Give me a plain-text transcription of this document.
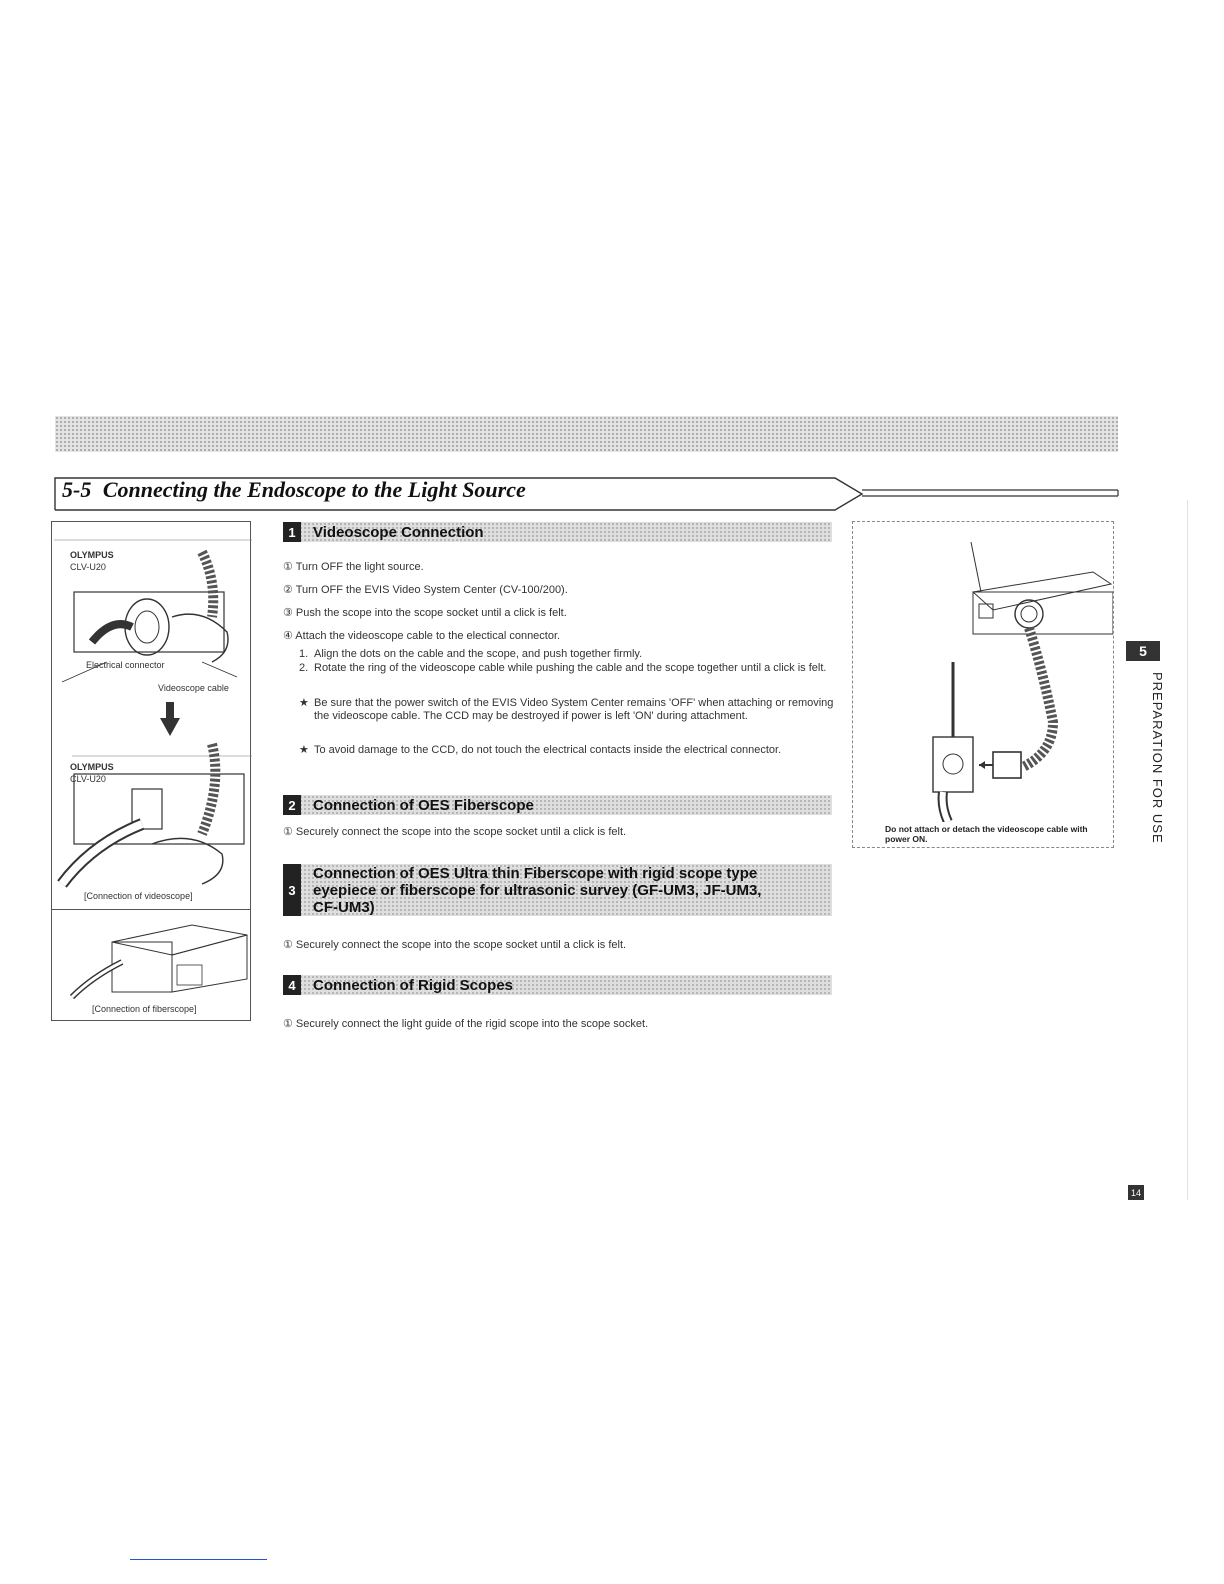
5-5 Connecting the Endoscope to the Light Source
OLYMPUS
CLV-U20
Electrical connector
Videoscope cable
OLYMPUS
CLV-U20
[Connection of videoscope]
[Connection of fiberscope]
1	Videoscope Connection
① Turn OFF the light source.
② Turn OFF the EVIS Video System Center (CV-100/200).
③ Push the scope into the scope socket until a click is felt.
④ Attach the videoscope cable to the electical connector.
1. Align the dots on the cable and the scope, and push together firmly.
2. Rotate the ring of the videoscope cable while pushing the cable and the scope together until a click is felt.
★ Be sure that the power switch of the EVIS Video System Center remains 'OFF' when attaching or removing the videoscope cable. The CCD may be destroyed if power is left 'ON' during attachment.
★ To avoid damage to the CCD, do not touch the electrical contacts inside the electrical connector.
2	Connection of OES Fiberscope
① Securely connect the scope into the scope socket until a click is felt.
3
Connection of OES Ultra thin Fiberscope with rigid scope type
eyepiece or fiberscope for ultrasonic survey (GF-UM3, JF-UM3,
CF-UM3)
① Securely connect the scope into the scope socket until a click is felt.
4	Connection of Rigid Scopes
① Securely connect the light guide of the rigid scope into the scope socket.
Do not attach or detach the videoscope cable with power ON.
5
PREPARATION FOR USE
14
